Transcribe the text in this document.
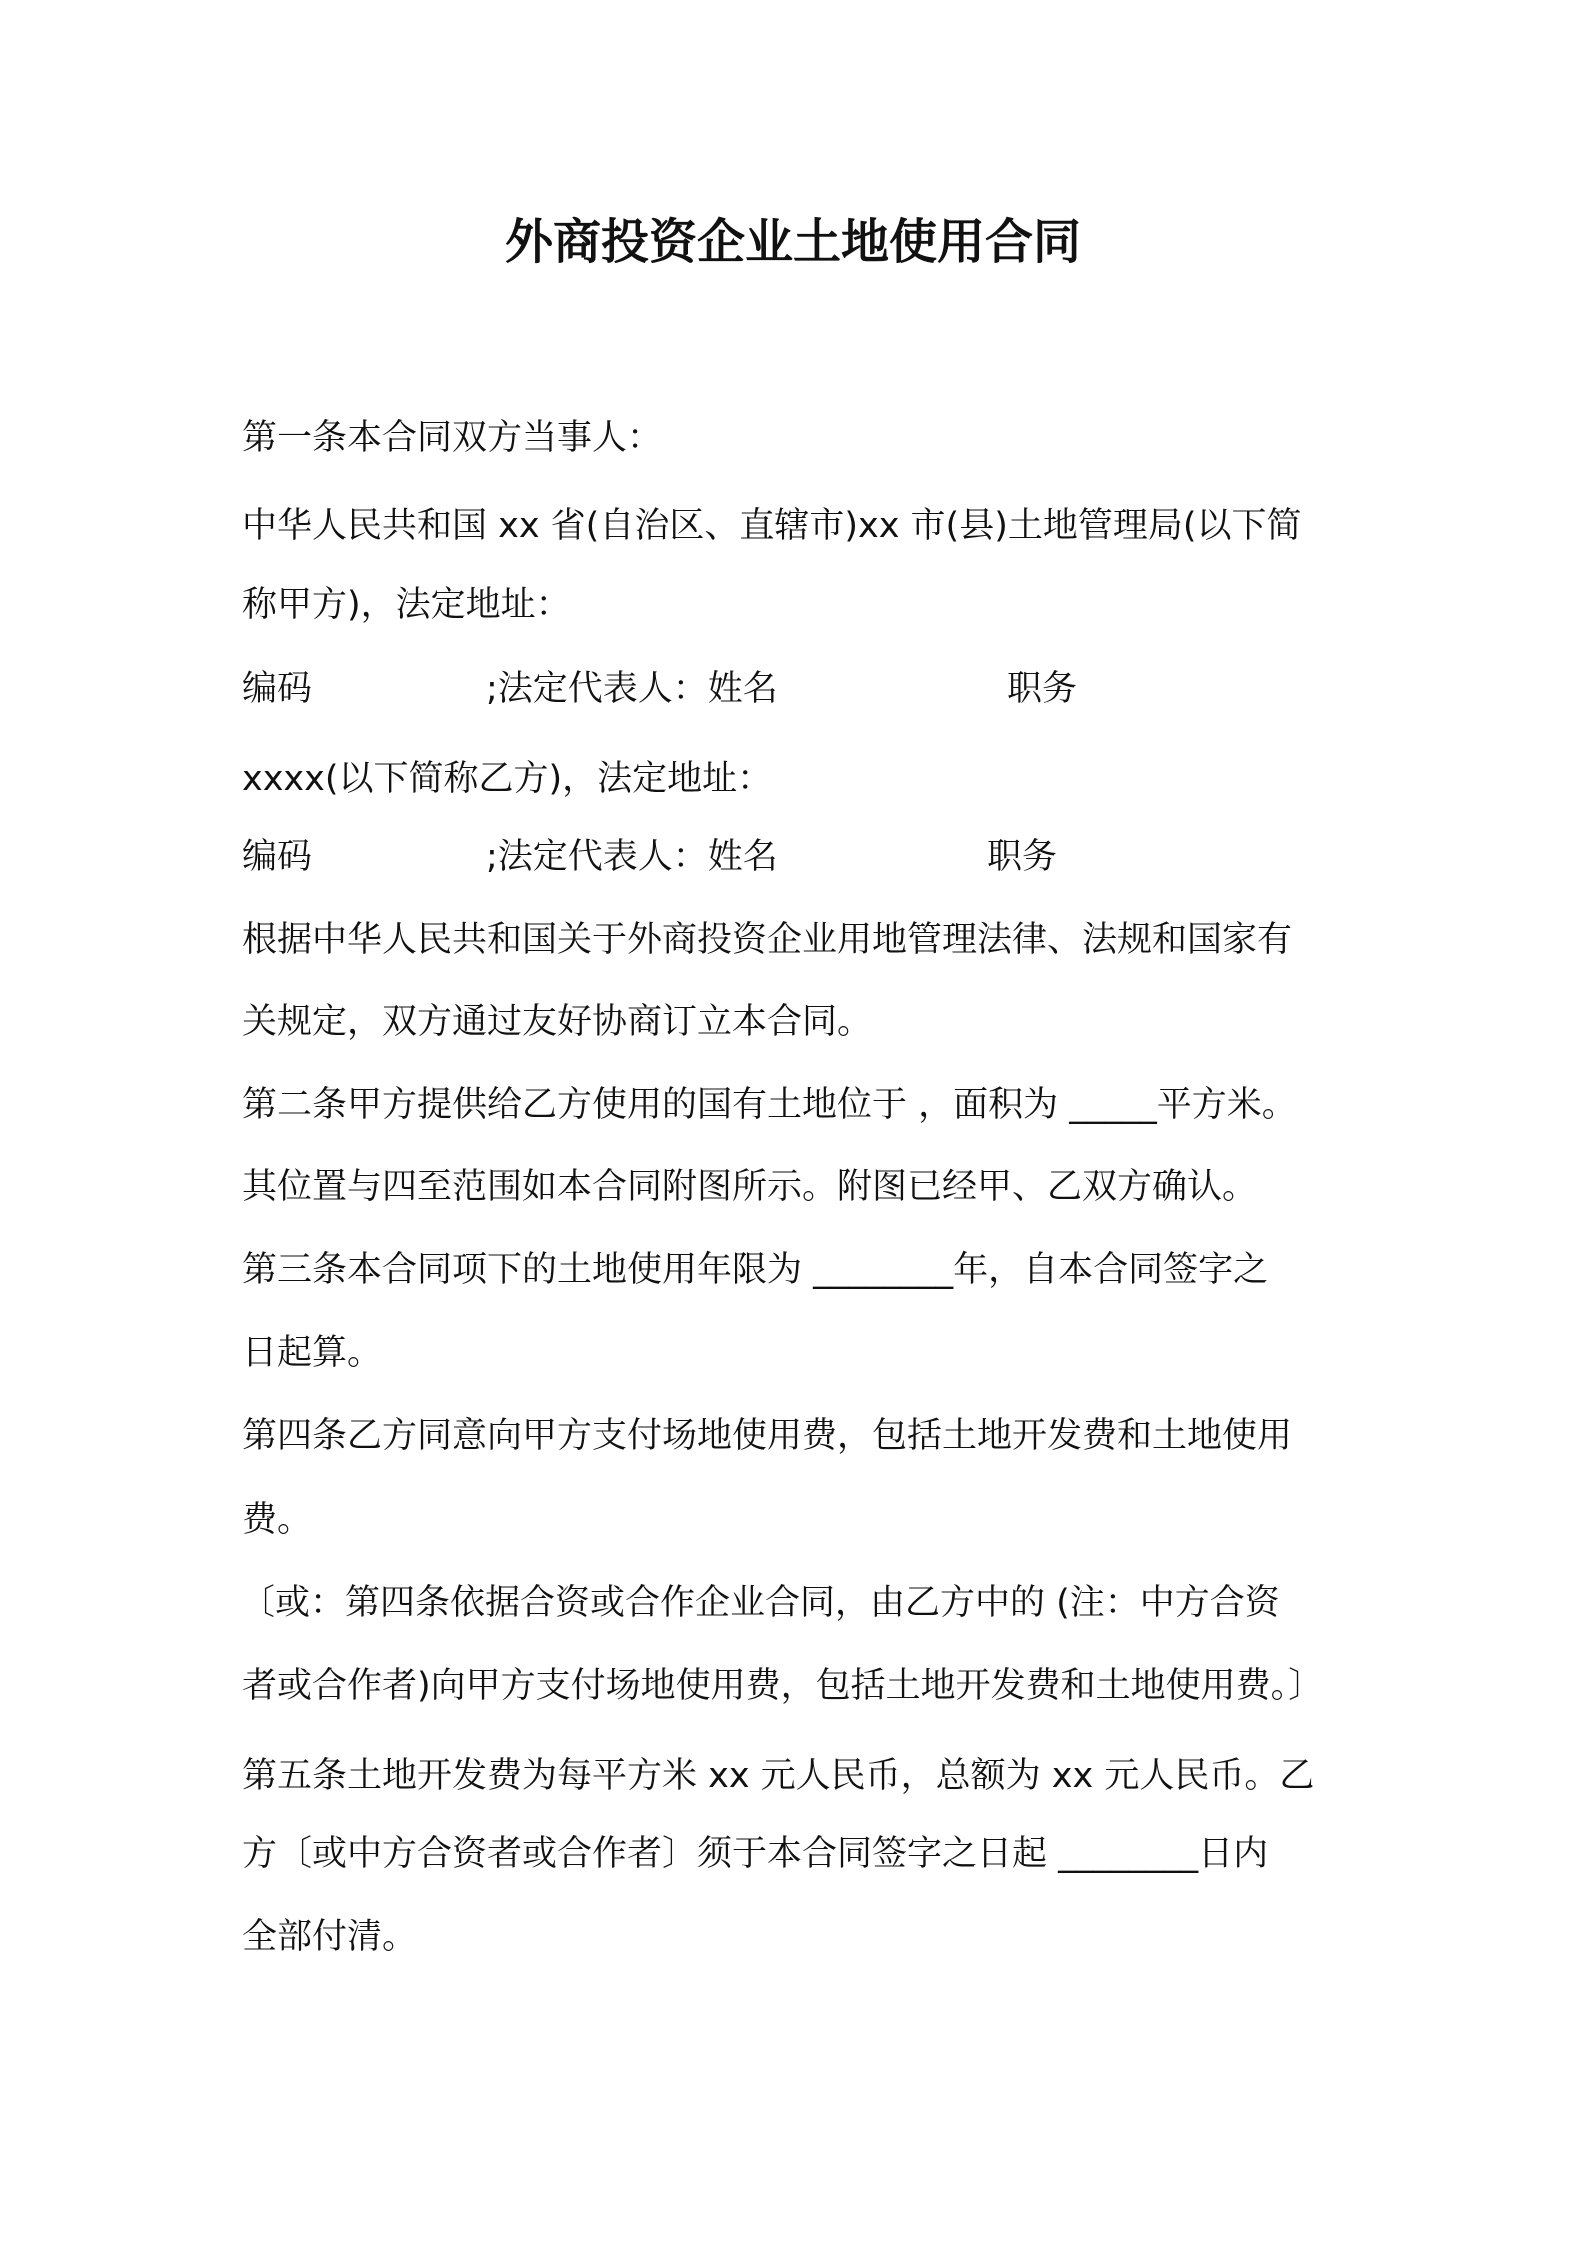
外商投资企业土地使用合同
第一条本合同双方当事人：
中华人民共和国 xx 省(自治区、直辖市)xx 市(县)土地管理局(以下简
称甲方)，法定地址：
编码	;法定代表人：姓名	职务
xxxx(以下简称乙方)，法定地址：
编码	;法定代表人：姓名	职务
根据中华人民共和国关于外商投资企业用地管理法律、法规和国家有
关规定，双方通过友好协商订立本合同。
第二条甲方提供给乙方使用的国有土地位于 ，面积为 _____平方米。
其位置与四至范围如本合同附图所示。附图已经甲、乙双方确认。
第三条本合同项下的土地使用年限为 ________年，自本合同签字之
日起算。
第四条乙方同意向甲方支付场地使用费，包括土地开发费和土地使用
费。
〔或：第四条依据合资或合作企业合同，由乙方中的 (注：中方合资
者或合作者)向甲方支付场地使用费，包括土地开发费和土地使用费。〕
第五条土地开发费为每平方米 xx 元人民币，总额为 xx 元人民币。乙
方〔或中方合资者或合作者〕须于本合同签字之日起 ________日内
全部付清。
